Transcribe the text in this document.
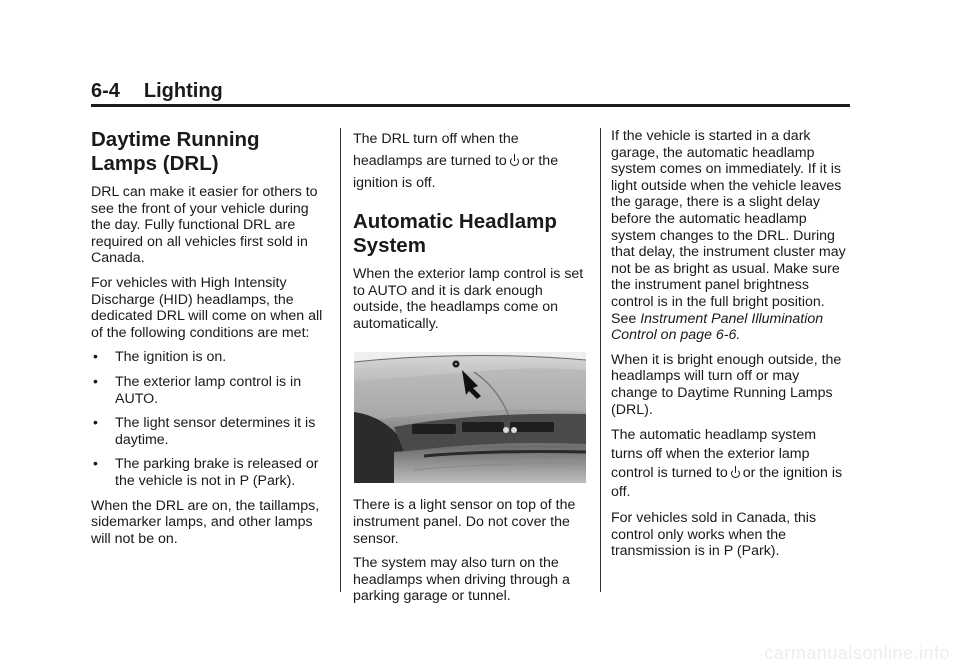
6-4 Lighting
Daytime Running
Lamps (DRL)

DRL can make it easier for others to see the front of your vehicle during the day. Fully functional DRL are required on all vehicles first sold in Canada.

For vehicles with High Intensity Discharge (HID) headlamps, the dedicated DRL will come on when all of the following conditions are met:

• The ignition is on.
• The exterior lamp control is in AUTO.
• The light sensor determines it is daytime.
• The parking brake is released or the vehicle is not in P (Park).

When the DRL are on, the taillamps, sidemarker lamps, and other lamps will not be on.

The DRL turn off when the headlamps are turned to or the ignition is off.

Automatic Headlamp
System

When the exterior lamp control is set to AUTO and it is dark enough outside, the headlamps come on automatically.

There is a light sensor on top of the instrument panel. Do not cover the sensor.

The system may also turn on the headlamps when driving through a parking garage or tunnel.

If the vehicle is started in a dark garage, the automatic headlamp system comes on immediately. If it is light outside when the vehicle leaves the garage, there is a slight delay before the automatic headlamp system changes to the DRL. During that delay, the instrument cluster may not be as bright as usual. Make sure the instrument panel brightness control is in the full bright position. See Instrument Panel Illumination Control on page 6-6.

When it is bright enough outside, the headlamps will turn off or may change to Daytime Running Lamps (DRL).

The automatic headlamp system turns off when the exterior lamp control is turned to or the ignition is off.

For vehicles sold in Canada, this control only works when the transmission is in P (Park).

carmanualsonline.info
